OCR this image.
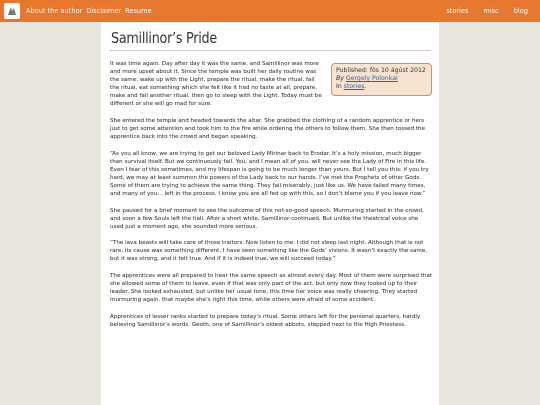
About the author Disclaimer Resume	stories misc blog
Samillinor’s Pride
Published: fös 10 ágúst 2012
By Gergely Polonkai
In stories.

It was time again. Day after day it was the same, and Samillinor was more and more upset about it. Since the temple was built her daily routine was the same: wake up with the Light, prepare the ritual, make the ritual, fail the ritual, eat something which she felt like it had no taste at all, prepare, make and fail another ritual, then go to sleep with the Light. Today must be different or she will go mad for sure.

She entered the temple and headed towards the altar. She grabbed the clothing of a random apprentice or hers just to get some attention and took him to the fire while ordering the others to follow them. She then tossed the apprentice back into the crowd and began speaking.

“As you all know, we are trying to get our beloved Lady Mirinar back to Erodar. It’s a holy mission, much bigger than survival itself. But we continuously fail. You, and I mean all of you, will never see the Lady of Fire in this life. Even I fear of this sometimes, and my lifespan is going to be much longer than yours. But I tell you this: if you try hard, we may at least summon the powers of the Lady back to our hands. I’ve met the Prophets of other Gods. Some of them are trying to achieve the same thing. They fail miserably, just like us. We have failed many times, and many of you… left in the process. I know you are all fed up with this, so I don’t blame you if you leave now.”

She paused for a brief moment to see the outcome of this not-so-good speech. Murmuring started in the crowd, and soon a few Souls left the hall. After a short while, Samillinor continued. But unlike the theatrical voice she used just a moment ago, she sounded more serious.

“The lava beasts will take care of those traitors. Now listen to me. I did not sleep last night. Although that is not rare, its cause was something different. I have seen something like the Gods’ visions. It wasn’t exactly the same, but it was strong, and it felt true. And if it is indeed true, we will succeed today.”

The apprentices were all prepared to hear the same speech as almost every day. Most of them were surprised that she allowed some of them to leave, even if that was only part of the act, but only now they looked up to their leader. She looked exhausted, but unlike her usual tone, this time her voice was really cheering. They started murmuring again, that maybe she’s right this time, while others were afraid of some accident.

Apprentices of lesser ranks started to prepare today’s ritual. Some others left for the personal quarters, hardly believing Samillinor’s words. Geoth, one of Samillinor’s oldest abbots, stepped next to the High Priestess.
